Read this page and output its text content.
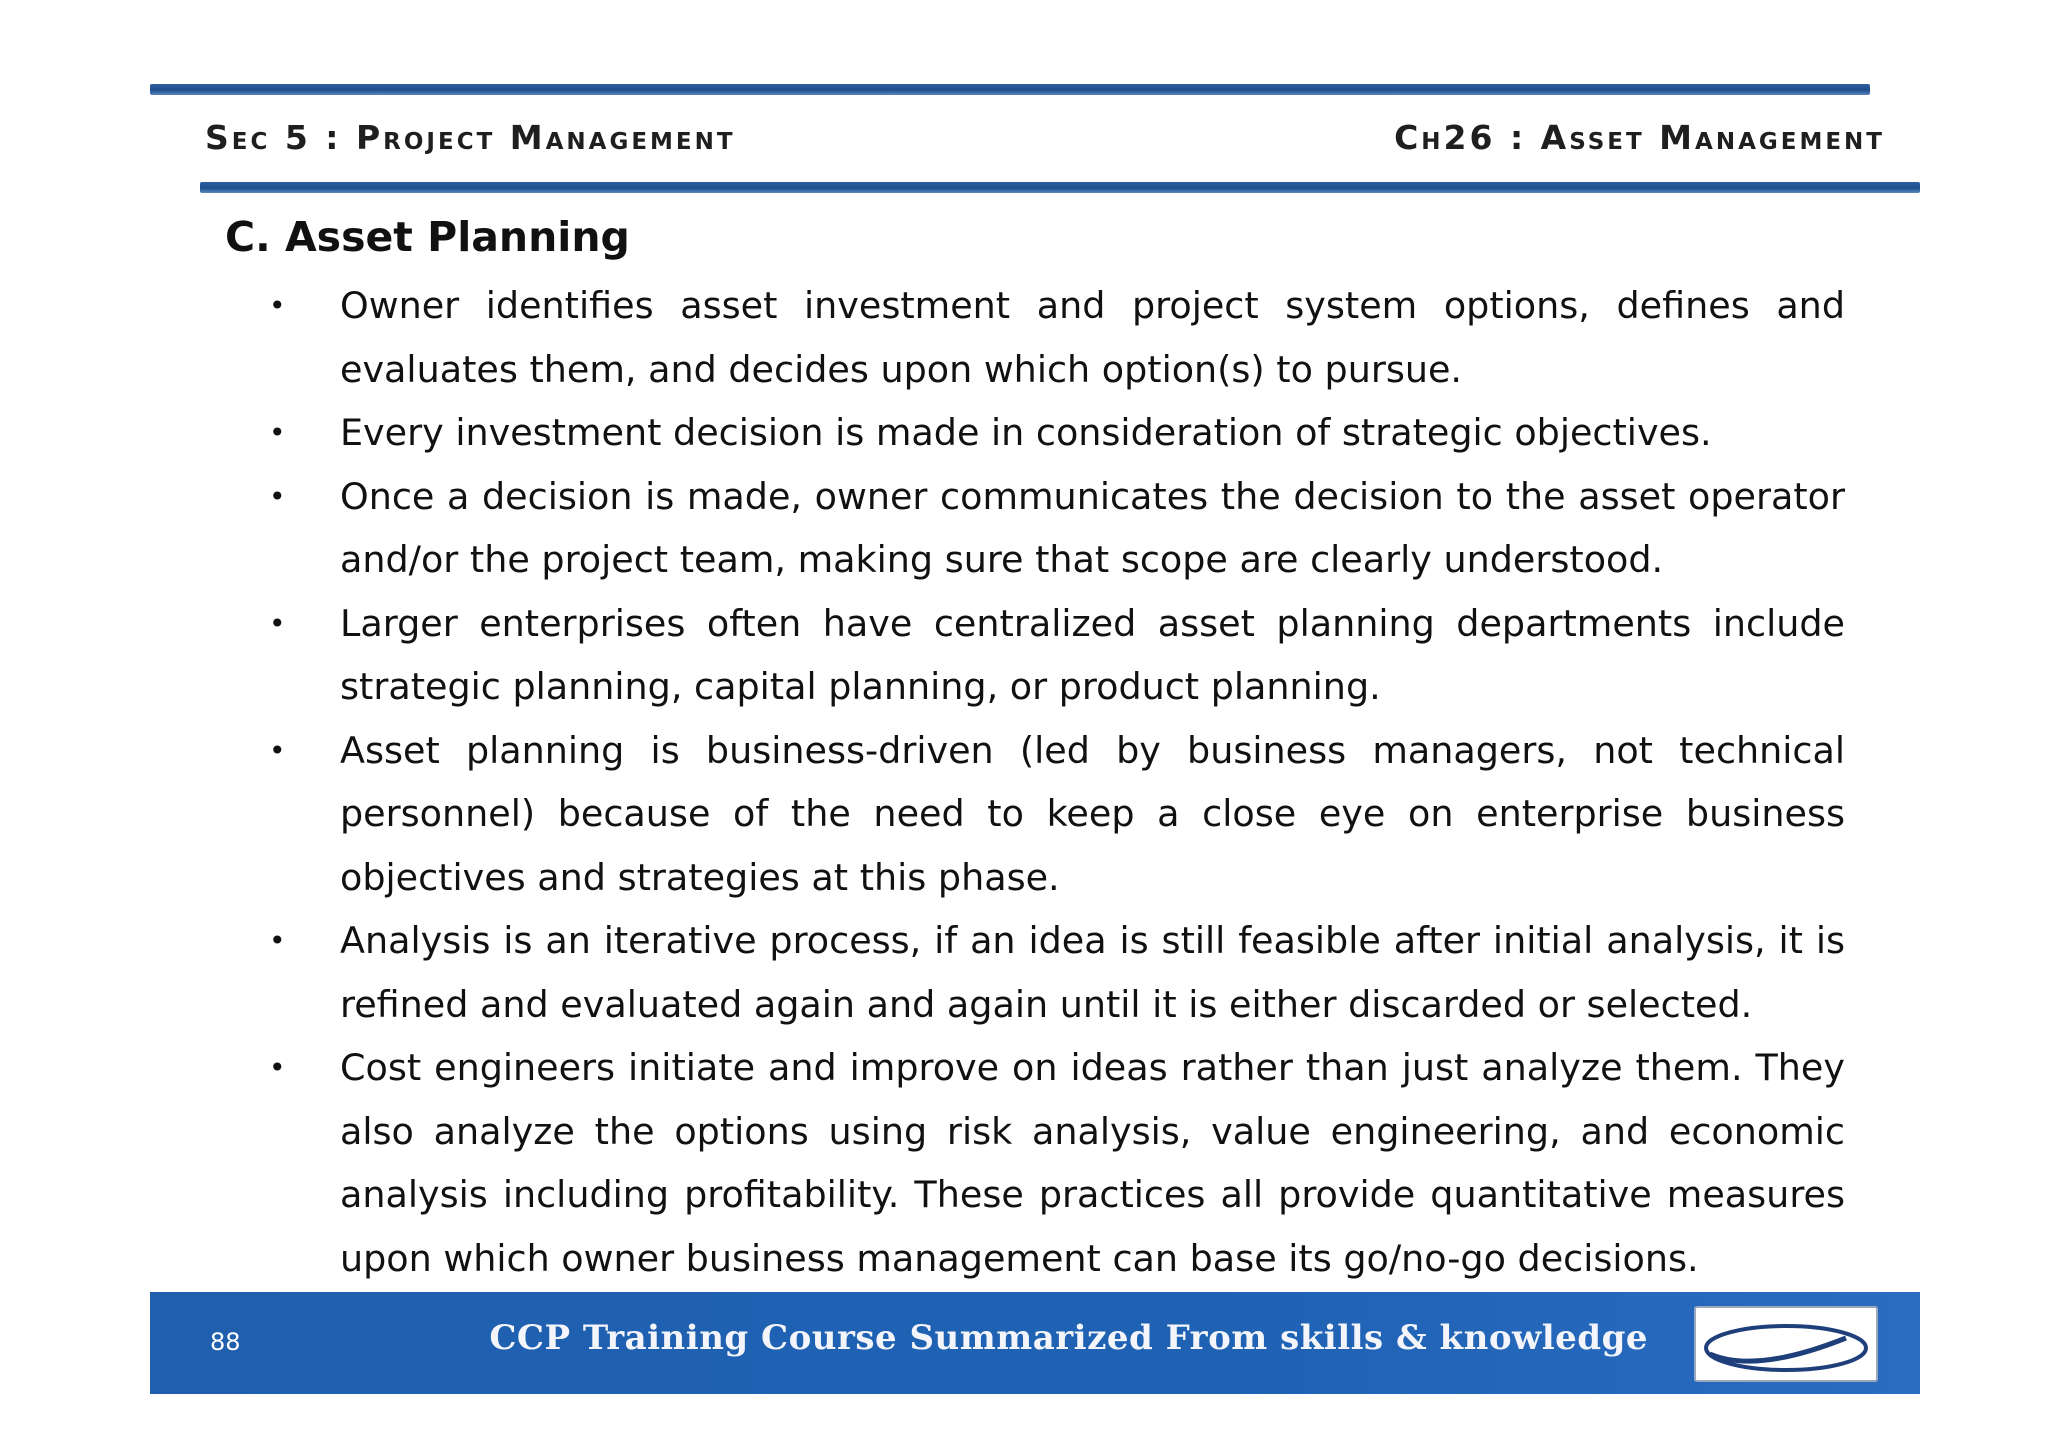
Sec 5 : Project Management	Ch26 : Asset Management
C. Asset Planning
• Owner identifies asset investment and project system options, defines and evaluates them, and decides upon which option(s) to pursue.
• Every investment decision is made in consideration of strategic objectives.
• Once a decision is made, owner communicates the decision to the asset operator and/or the project team, making sure that scope are clearly understood.
• Larger enterprises often have centralized asset planning departments include strategic planning, capital planning, or product planning.
• Asset planning is business-driven (led by business managers, not technical personnel) because of the need to keep a close eye on enterprise business objectives and strategies at this phase.
• Analysis is an iterative process, if an idea is still feasible after initial analysis, it is refined and evaluated again and again until it is either discarded or selected.
• Cost engineers initiate and improve on ideas rather than just analyze them. They also analyze the options using risk analysis, value engineering, and economic analysis including profitability. These practices all provide quantitative measures upon which owner business management can base its go/no-go decisions.
88	CCP Training Course Summarized From skills & knowledge
